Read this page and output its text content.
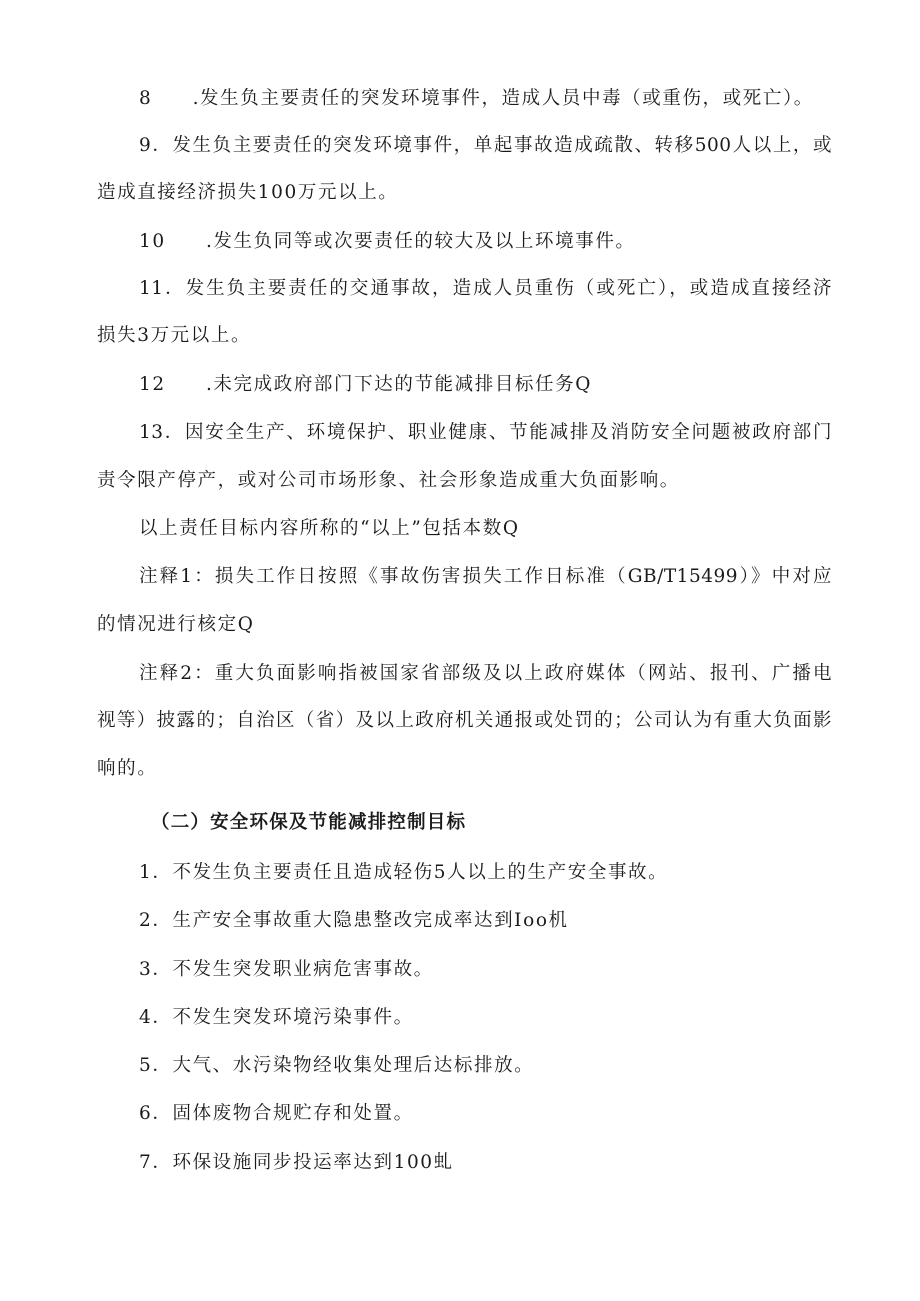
8　　.发生负主要责任的突发环境事件，造成人员中毒（或重伤，或死亡）。
9．发生负主要责任的突发环境事件，单起事故造成疏散、转移500人以上，或
造成直接经济损失100万元以上。
10　　.发生负同等或次要责任的较大及以上环境事件。
11．发生负主要责任的交通事故，造成人员重伤（或死亡），或造成直接经济
损失3万元以上。
12　　.未完成政府部门下达的节能减排目标任务Q
13．因安全生产、环境保护、职业健康、节能减排及消防安全问题被政府部门
责令限产停产，或对公司市场形象、社会形象造成重大负面影响。
以上责任目标内容所称的“以上”包括本数Q
注释1：损失工作日按照《事故伤害损失工作日标准（GB/T15499）》中对应
的情况进行核定Q
注释2：重大负面影响指被国家省部级及以上政府媒体（网站、报刊、广播电
视等）披露的；自治区（省）及以上政府机关通报或处罚的；公司认为有重大负面影
响的。
（二）安全环保及节能减排控制目标
1．不发生负主要责任且造成轻伤5人以上的生产安全事故。
2．生产安全事故重大隐患整改完成率达到Ioo机
3．不发生突发职业病危害事故。
4．不发生突发环境污染事件。
5．大气、水污染物经收集处理后达标排放。
6．固体废物合规贮存和处置。
7．环保设施同步投运率达到100虬
